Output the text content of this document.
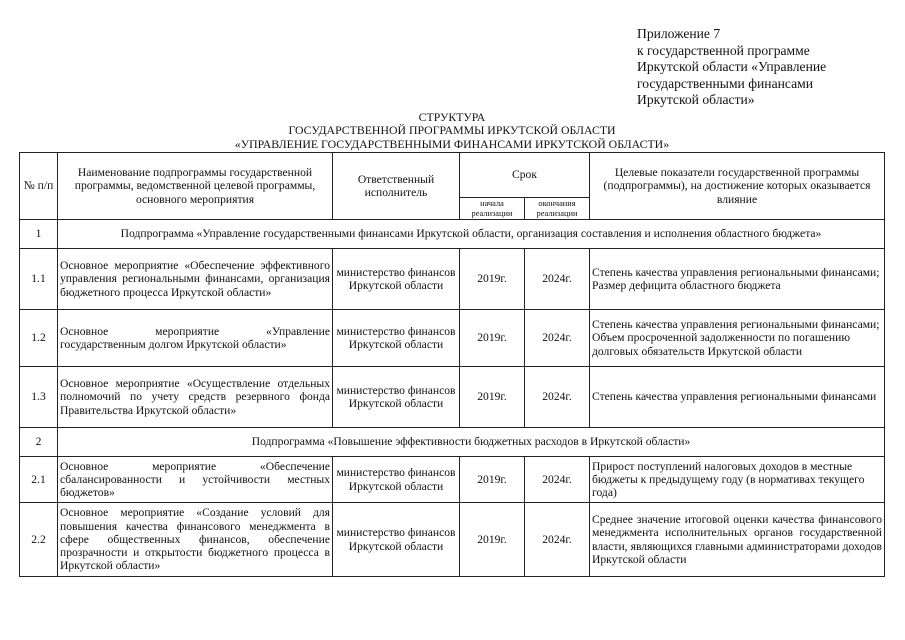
Приложение 7
к государственной программе
Иркутской области «Управление
государственными финансами
Иркутской области»
СТРУКТУРА
ГОСУДАРСТВЕННОЙ ПРОГРАММЫ ИРКУТСКОЙ ОБЛАСТИ
«УПРАВЛЕНИЕ ГОСУДАРСТВЕННЫМИ ФИНАНСАМИ ИРКУТСКОЙ ОБЛАСТИ»
№ п/п	Наименование подпрограммы государственной программы, ведомственной целевой программы, основного мероприятия	Ответственный исполнитель	Срок		Целевые показатели государственной программы (подпрограммы), на достижение которых оказывается влияние
			начала реализации	окончания реализации	
1	Подпрограмма «Управление государственными финансами Иркутской области, организация составления и исполнения областного бюджета»				
1.1	Основное мероприятие «Обеспечение эффективного управления региональными финансами, организация бюджетного процесса Иркутской области»	министерство финансов Иркутской области	2019г.	2024г.	Степень качества управления региональными финансами;
Размер дефицита областного бюджета

1.2	Основное мероприятие «Управление государственным долгом Иркутской области»	министерство финансов Иркутской области	2019г.	2024г.	Степень качества управления региональными финансами;
Объем просроченной задолженности по погашению долговых обязательств Иркутской области

1.3	Основное мероприятие «Осуществление отдельных полномочий по учету средств резервного фонда Правительства Иркутской области»	министерство финансов Иркутской области	2019г.	2024г.	Степень качества управления региональными финансами

2	Подпрограмма «Повышение эффективности бюджетных расходов в Иркутской области»				
2.1	Основное мероприятие «Обеспечение сбалансированности и устойчивости местных бюджетов»	министерство финансов Иркутской области	2019г.	2024г.	Прирост поступлений налоговых доходов в местные бюджеты к предыдущему году (в нормативах текущего года)

2.2	Основное мероприятие «Создание условий для повышения качества финансового менеджмента в сфере общественных финансов, обеспечение прозрачности и открытости бюджетного процесса в Иркутской области»	министерство финансов Иркутской области	2019г.	2024г.	Среднее значение итоговой оценки качества финансового менеджмента исполнительных органов государственной власти, являющихся главными администраторами доходов Иркутской области
